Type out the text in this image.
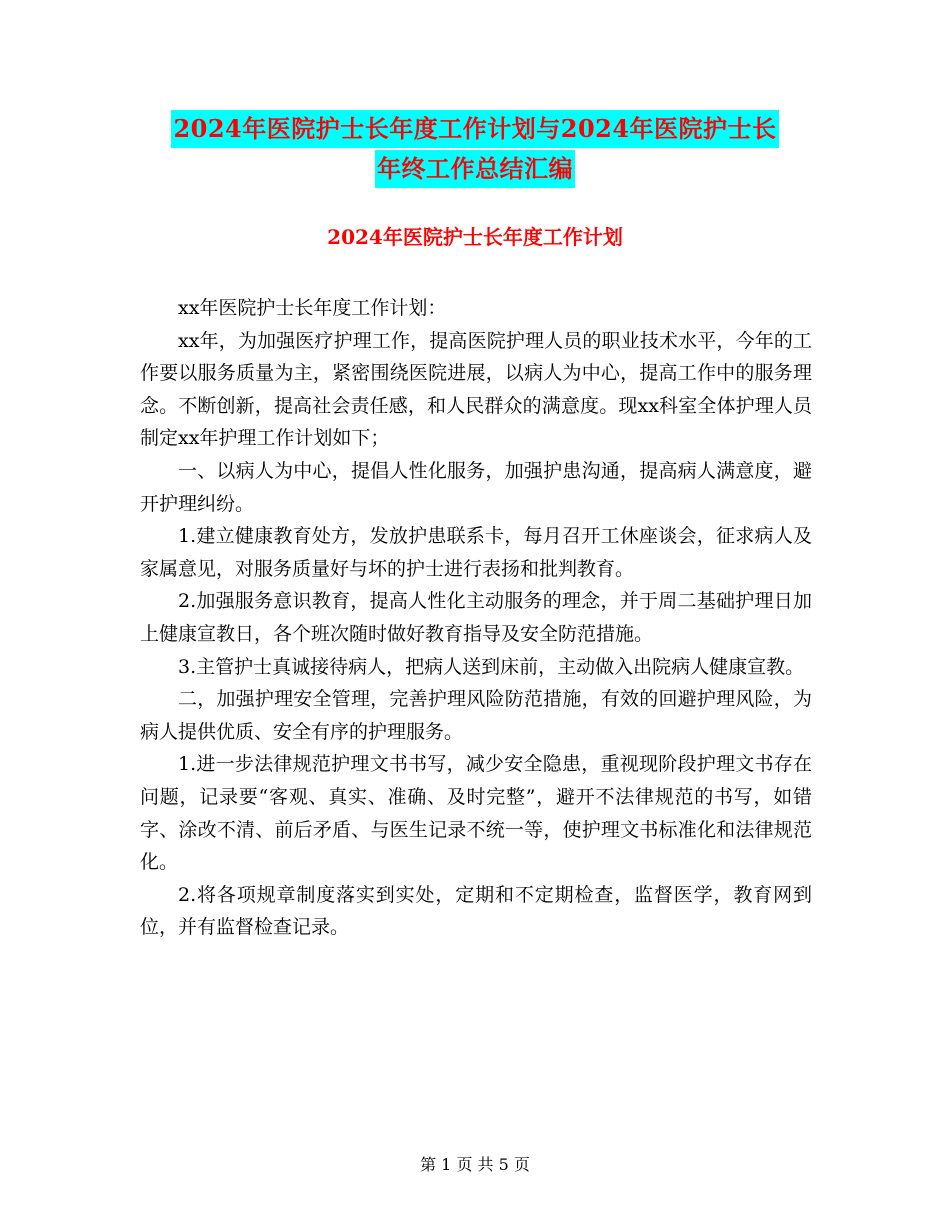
2024年医院护士长年度工作计划与2024年医院护士长
年终工作总结汇编
2024年医院护士长年度工作计划

xx年医院护士长年度工作计划：

xx年，为加强医疗护理工作，提高医院护理人员的职业技术水平，今年的工作要以服务质量为主，紧密围绕医院进展，以病人为中心，提高工作中的服务理念。不断创新，提高社会责任感，和人民群众的满意度。现xx科室全体护理人员制定xx年护理工作计划如下；

一、以病人为中心，提倡人性化服务，加强护患沟通，提高病人满意度，避开护理纠纷。

1.建立健康教育处方，发放护患联系卡，每月召开工休座谈会，征求病人及家属意见，对服务质量好与坏的护士进行表扬和批判教育。

2.加强服务意识教育，提高人性化主动服务的理念，并于周二基础护理日加上健康宣教日，各个班次随时做好教育指导及安全防范措施。

3.主管护士真诚接待病人，把病人送到床前，主动做入出院病人健康宣教。

二，加强护理安全管理，完善护理风险防范措施，有效的回避护理风险，为病人提供优质、安全有序的护理服务。

1.进一步法律规范护理文书书写，减少安全隐患，重视现阶段护理文书存在问题，记录要“客观、真实、准确、及时完整”，避开不法律规范的书写，如错字、涂改不清、前后矛盾、与医生记录不统一等，使护理文书标准化和法律规范化。

2.将各项规章制度落实到实处，定期和不定期检查，监督医学，教育网到位，并有监督检查记录。

第 1 页 共 5 页
